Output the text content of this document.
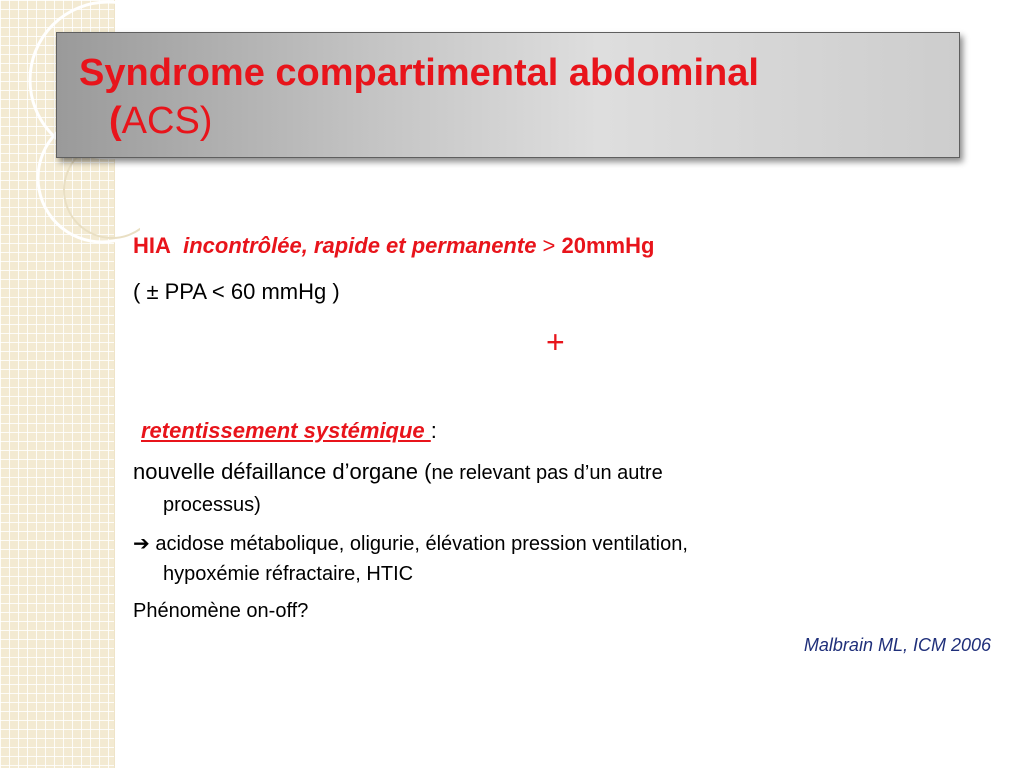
Syndrome compartimental abdominal
(ACS)
HIA incontrôlée, rapide et permanente > 20mmHg
( ± PPA < 60 mmHg )
+
retentissement systémique :
nouvelle défaillance d’organe (ne relevant pas d’un autre
processus)
➔ acidose métabolique, oligurie, élévation pression ventilation,
hypoxémie réfractaire, HTIC
Phénomène on-off?
Malbrain ML, ICM 2006
